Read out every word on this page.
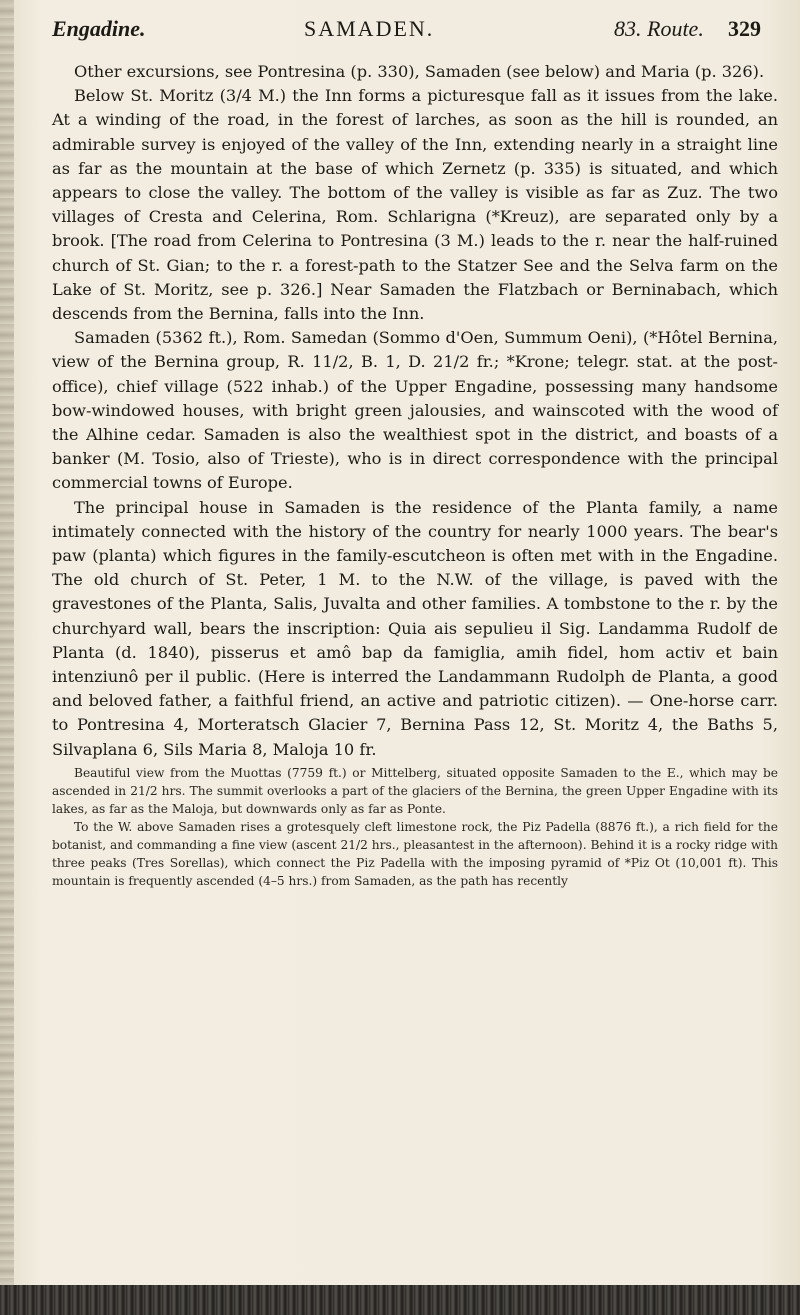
Engadine.	SAMADEN.	83. Route. 329

Other excursions, see Pontresina (p. 330), Samaden (see below) and Maria (p. 326).

Below St. Moritz (3/4 M.) the Inn forms a picturesque fall as it issues from the lake. At a winding of the road, in the forest of larches, as soon as the hill is rounded, an admirable survey is enjoyed of the valley of the Inn, extending nearly in a straight line as far as the mountain at the base of which Zernetz (p. 335) is situated, and which appears to close the valley. The bottom of the valley is visible as far as Zuz. The two villages of Cresta and Celerina, Rom. Schlarigna (*Kreuz), are separated only by a brook. [The road from Celerina to Pontresina (3 M.) leads to the r. near the half-ruined church of St. Gian; to the r. a forest-path to the Statzer See and the Selva farm on the Lake of St. Moritz, see p. 326.] Near Samaden the Flatzbach or Berninabach, which descends from the Bernina, falls into the Inn.

Samaden (5362 ft.), Rom. Samedan (Sommo d'Oen, Summum Oeni), (*Hôtel Bernina, view of the Bernina group, R. 11/2, B. 1, D. 21/2 fr.; *Krone; telegr. stat. at the post-office), chief village (522 inhab.) of the Upper Engadine, possessing many handsome bow-windowed houses, with bright green jalousies, and wainscoted with the wood of the Alhine cedar. Samaden is also the wealthiest spot in the district, and boasts of a banker (M. Tosio, also of Trieste), who is in direct correspondence with the principal commercial towns of Europe.

The principal house in Samaden is the residence of the Planta family, a name intimately connected with the history of the country for nearly 1000 years. The bear's paw (planta) which figures in the family-escutcheon is often met with in the Engadine. The old church of St. Peter, 1 M. to the N.W. of the village, is paved with the gravestones of the Planta, Salis, Juvalta and other families. A tombstone to the r. by the churchyard wall, bears the inscription: Quia ais sepulieu il Sig. Landamma Rudolf de Planta (d. 1840), pisserus et amô bap da famiglia, amih fidel, hom activ et bain intenziunô per il public. (Here is interred the Landammann Rudolph de Planta, a good and beloved father, a faithful friend, an active and patriotic citizen). — One-horse carr. to Pontresina 4, Morteratsch Glacier 7, Bernina Pass 12, St. Moritz 4, the Baths 5, Silvaplana 6, Sils Maria 8, Maloja 10 fr.

Beautiful view from the Muottas (7759 ft.) or Mittelberg, situated opposite Samaden to the E., which may be ascended in 21/2 hrs. The summit overlooks a part of the glaciers of the Bernina, the green Upper Engadine with its lakes, as far as the Maloja, but downwards only as far as Ponte.

To the W. above Samaden rises a grotesquely cleft limestone rock, the Piz Padella (8876 ft.), a rich field for the botanist, and commanding a fine view (ascent 21/2 hrs., pleasantest in the afternoon). Behind it is a rocky ridge with three peaks (Tres Sorellas), which connect the Piz Padella with the imposing pyramid of *Piz Ot (10,001 ft). This mountain is frequently ascended (4–5 hrs.) from Samaden, as the path has recently
